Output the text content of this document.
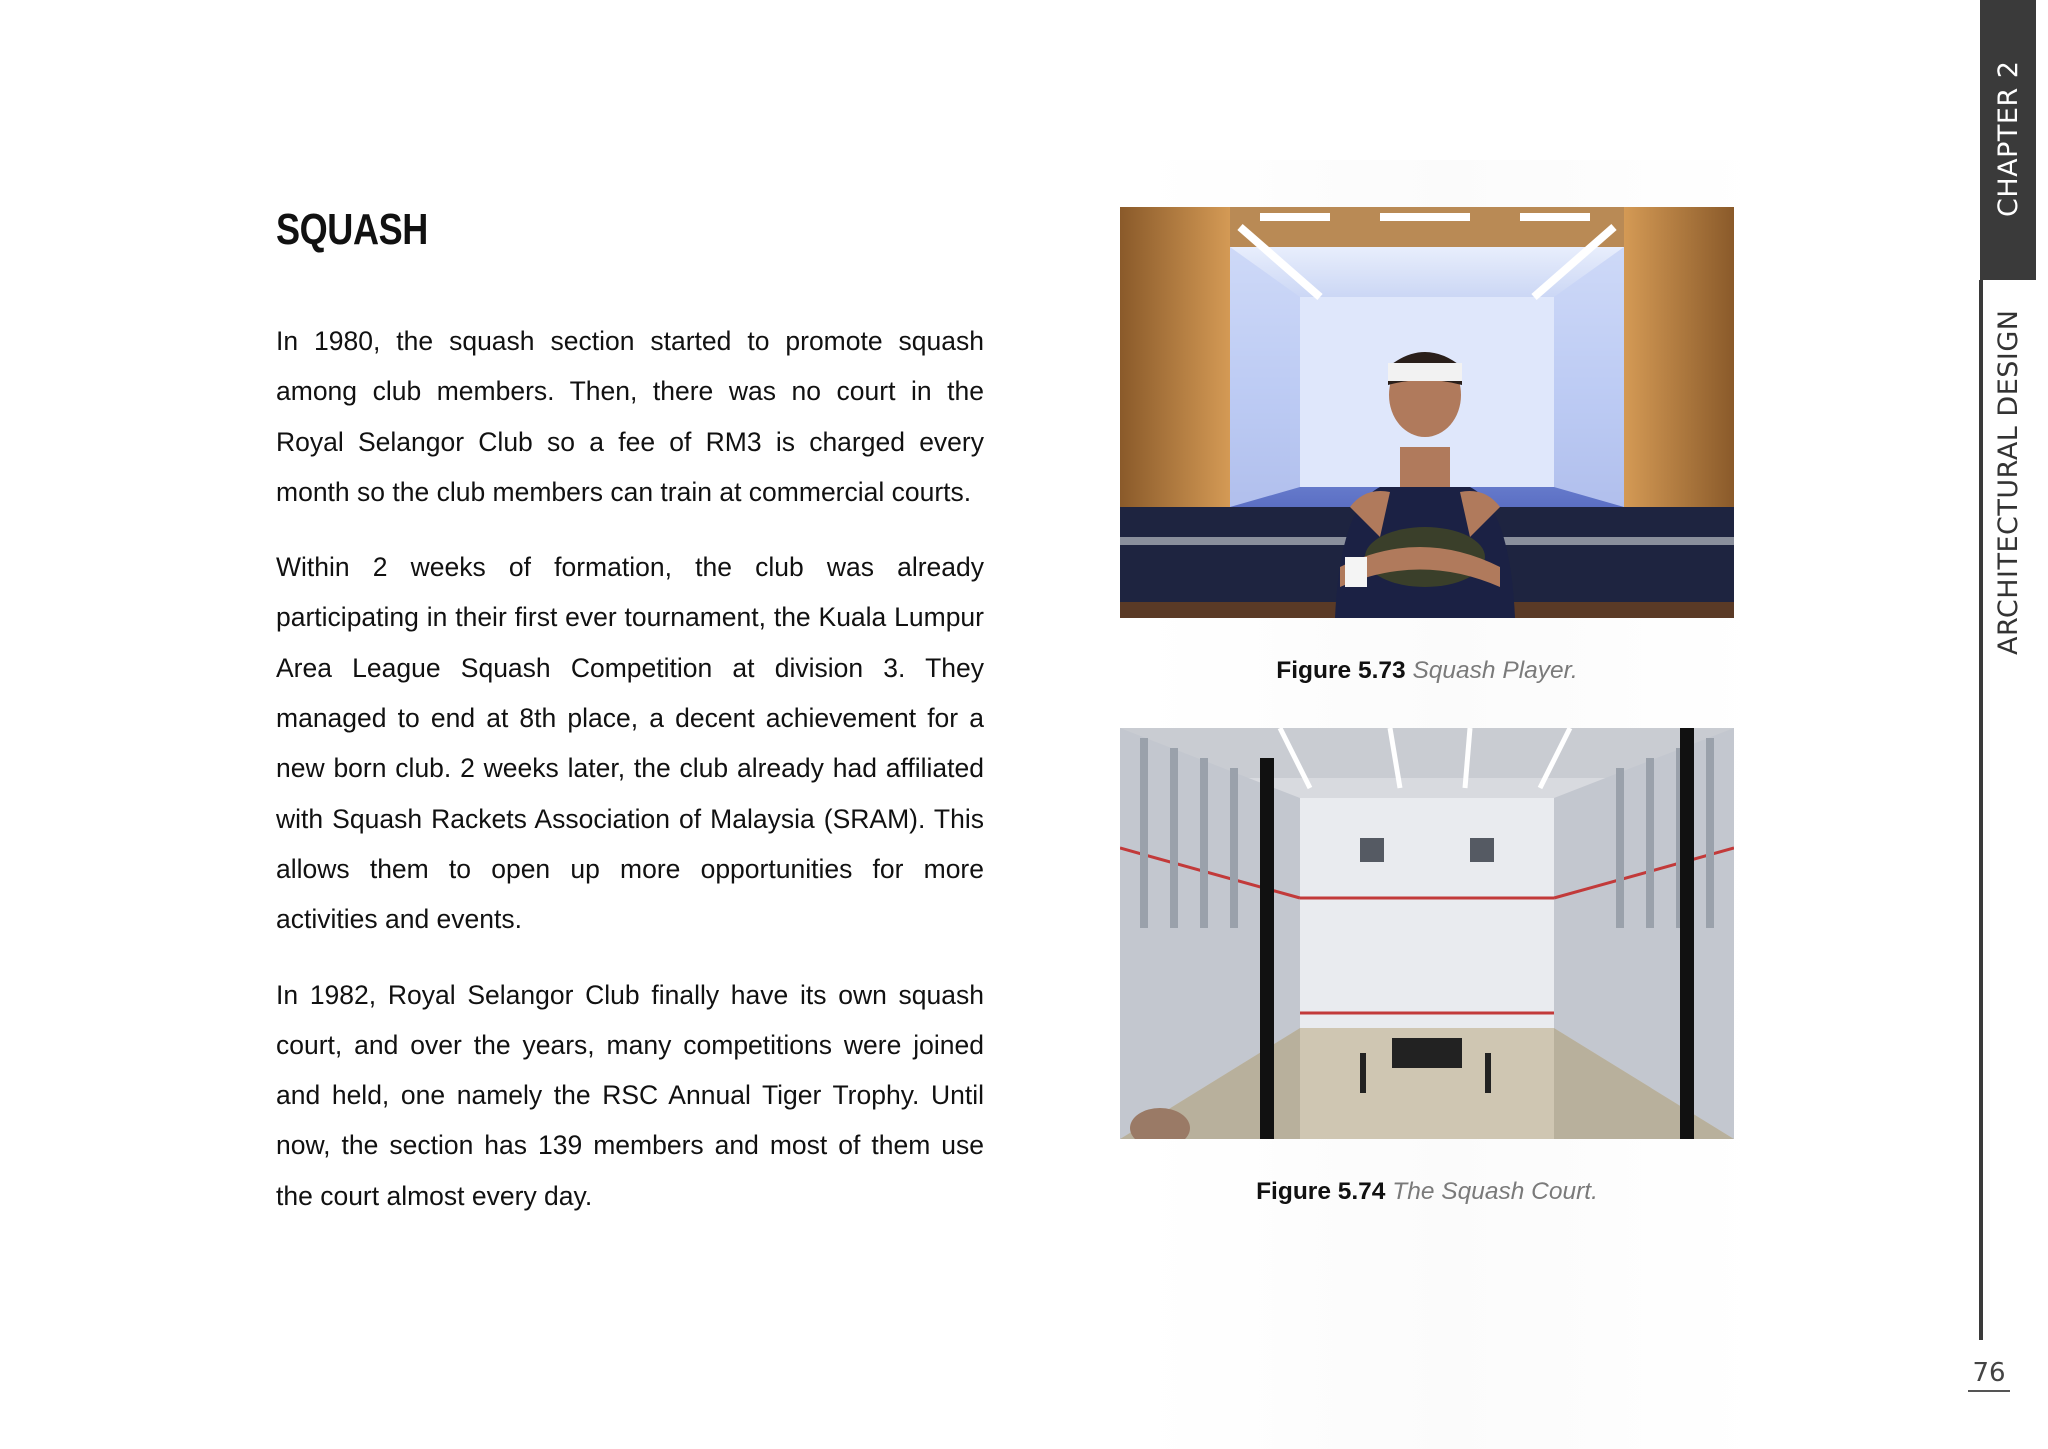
SQUASH

In 1980, the squash section started to promote squash among club members. Then, there was no court in the Royal Selangor Club so a fee of RM3 is charged every month so the club members can train at commercial courts.

Within 2 weeks of formation, the club was already participating in their first ever tournament, the Kuala Lumpur Area League Squash Competition at division 3. They managed to end at 8th place, a decent achievement for a new born club. 2 weeks later, the club already had affiliated with Squash Rackets Association of Malaysia (SRAM). This allows them to open up more opportunities for more activities and events.

In 1982, Royal Selangor Club finally have its own squash court, and over the years, many competitions were joined and held, one namely the RSC Annual Tiger Trophy. Until now, the section has 139 members and most of them use the court almost every day.

Figure 5.73 Squash Player.
Figure 5.74 The Squash Court.
CHAPTER 2
ARCHITECTURAL DESIGN
76
